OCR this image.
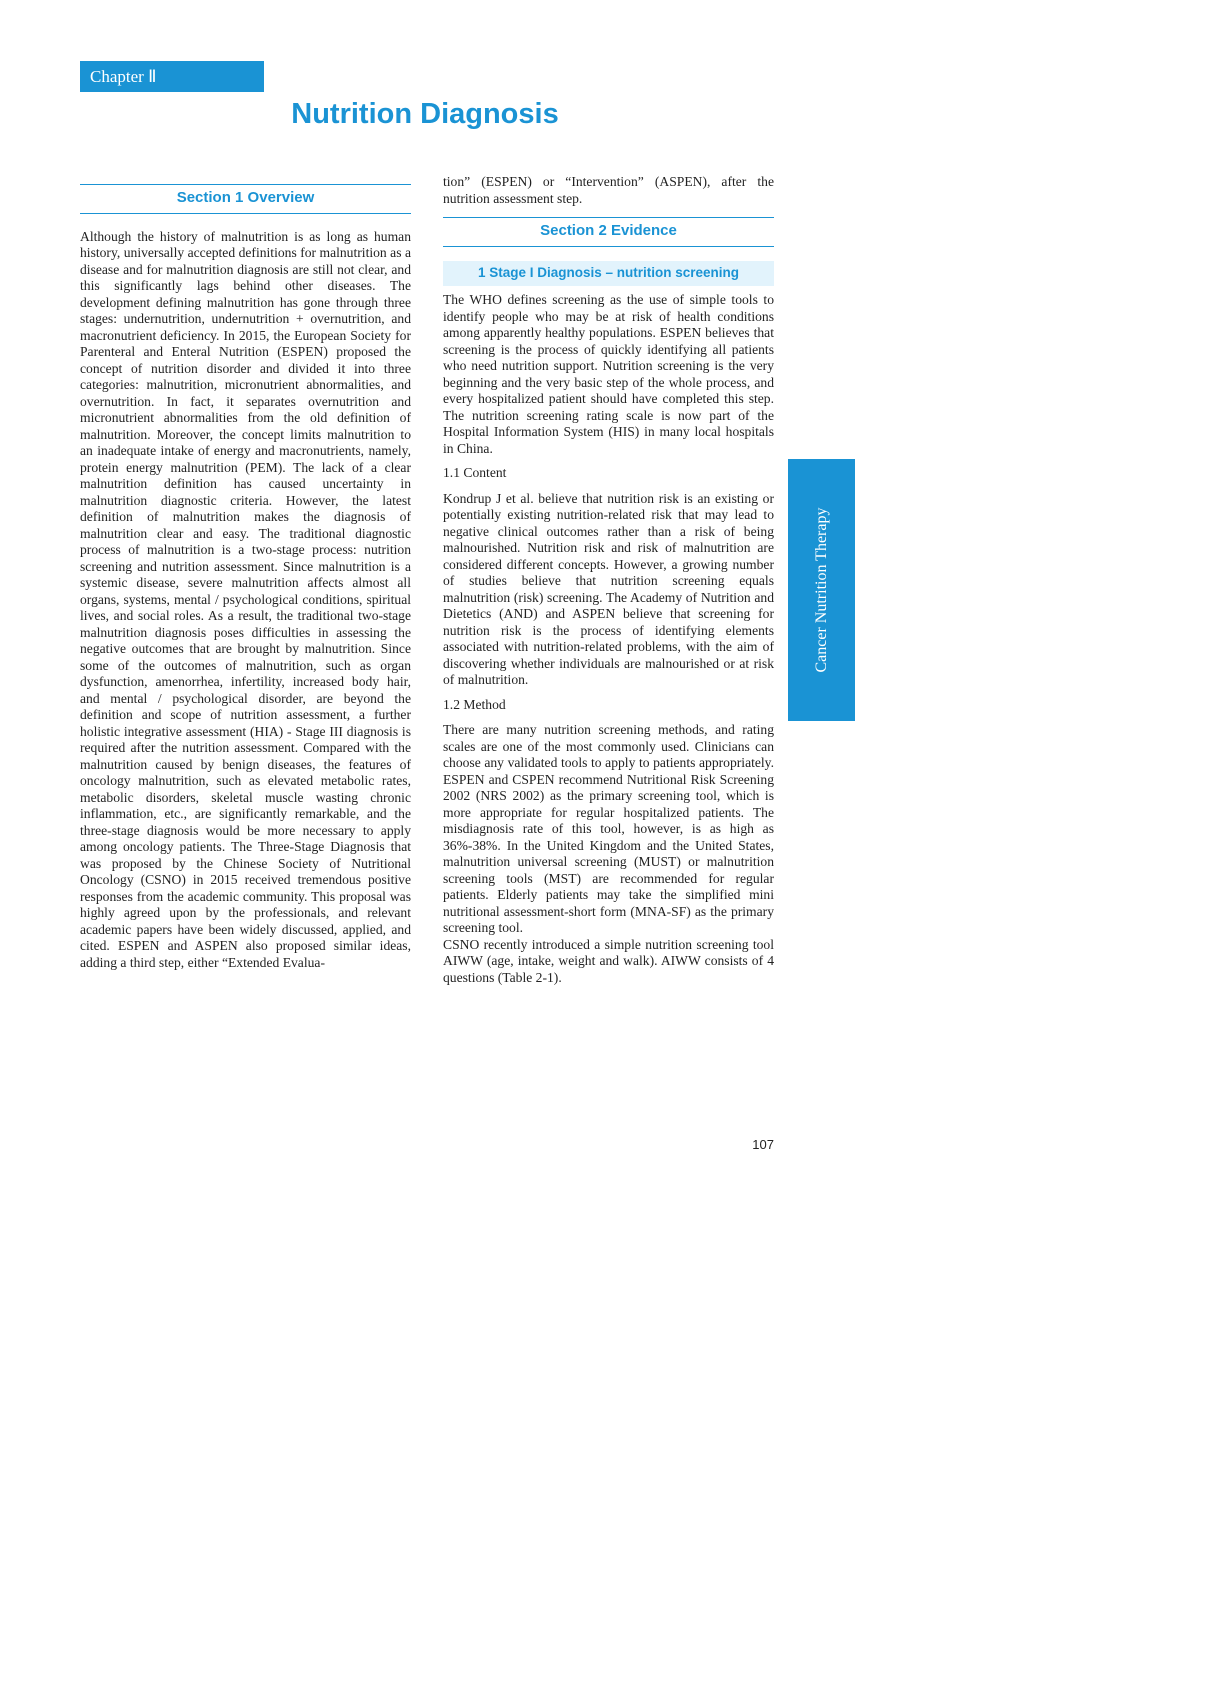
Chapter Ⅱ
Nutrition Diagnosis
Section 1 Overview

Although the history of malnutrition is as long as human history, universally accepted definitions for malnutrition as a disease and for malnutrition diagnosis are still not clear, and this significantly lags behind other diseases. The development defining malnutrition has gone through three stages: undernutrition, undernutrition + overnutrition, and macronutrient deficiency. In 2015, the European Society for Parenteral and Enteral Nutrition (ESPEN) proposed the concept of nutrition disorder and divided it into three categories: malnutrition, micronutrient abnormalities, and overnutrition. In fact, it separates overnutrition and micronutrient abnormalities from the old definition of malnutrition. Moreover, the concept limits malnutrition to an inadequate intake of energy and macronutrients, namely, protein energy malnutrition (PEM). The lack of a clear malnutrition definition has caused uncertainty in malnutrition diagnostic criteria. However, the latest definition of malnutrition makes the diagnosis of malnutrition clear and easy. The traditional diagnostic process of malnutrition is a two-stage process: nutrition screening and nutrition assessment. Since malnutrition is a systemic disease, severe malnutrition affects almost all organs, systems, mental / psychological conditions, spiritual lives, and social roles. As a result, the traditional two-stage malnutrition diagnosis poses difficulties in assessing the negative outcomes that are brought by malnutrition. Since some of the outcomes of malnutrition, such as organ dysfunction, amenorrhea, infertility, increased body hair, and mental / psychological disorder, are beyond the definition and scope of nutrition assessment, a further holistic integrative assessment (HIA) - Stage III diagnosis is required after the nutrition assessment. Compared with the malnutrition caused by benign diseases, the features of oncology malnutrition, such as elevated metabolic rates, metabolic disorders, skeletal muscle wasting chronic inflammation, etc., are significantly remarkable, and the three-stage diagnosis would be more necessary to apply among oncology patients. The Three-Stage Diagnosis that was proposed by the Chinese Society of Nutritional Oncology (CSNO) in 2015 received tremendous positive responses from the academic community. This proposal was highly agreed upon by the professionals, and relevant academic papers have been widely discussed, applied, and cited. ESPEN and ASPEN also proposed similar ideas, adding a third step, either “Extended Evalua-

tion” (ESPEN) or “Intervention” (ASPEN), after the nutrition assessment step.

Section 2 Evidence
1 Stage I Diagnosis – nutrition screening

The WHO defines screening as the use of simple tools to identify people who may be at risk of health conditions among apparently healthy populations. ESPEN believes that screening is the process of quickly identifying all patients who need nutrition support. Nutrition screening is the very beginning and the very basic step of the whole process, and every hospitalized patient should have completed this step. The nutrition screening rating scale is now part of the Hospital Information System (HIS) in many local hospitals in China.

1.1 Content

Kondrup J et al. believe that nutrition risk is an existing or potentially existing nutrition-related risk that may lead to negative clinical outcomes rather than a risk of being malnourished. Nutrition risk and risk of malnutrition are considered different concepts. However, a growing number of studies believe that nutrition screening equals malnutrition (risk) screening. The Academy of Nutrition and Dietetics (AND) and ASPEN believe that screening for nutrition risk is the process of identifying elements associated with nutrition-related problems, with the aim of discovering whether individuals are malnourished or at risk of malnutrition.

1.2 Method

There are many nutrition screening methods, and rating scales are one of the most commonly used. Clinicians can choose any validated tools to apply to patients appropriately. ESPEN and CSPEN recommend Nutritional Risk Screening 2002 (NRS 2002) as the primary screening tool, which is more appropriate for regular hospitalized patients. The misdiagnosis rate of this tool, however, is as high as 36%-38%. In the United Kingdom and the United States, malnutrition universal screening (MUST) or malnutrition screening tools (MST) are recommended for regular patients. Elderly patients may take the simplified mini nutritional assessment-short form (MNA-SF) as the primary screening tool.

CSNO recently introduced a simple nutrition screening tool AIWW (age, intake, weight and walk). AIWW consists of 4 questions (Table 2-1).

Cancer Nutrition Therapy
107
